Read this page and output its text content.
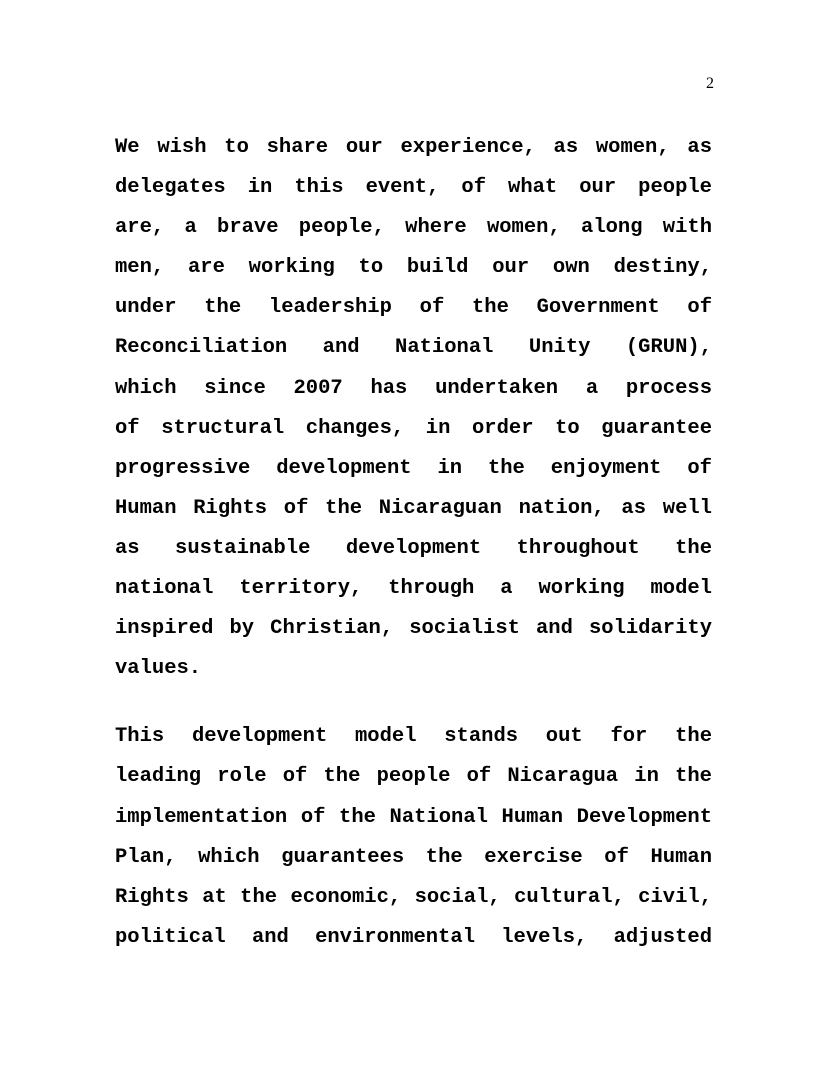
2
We wish to share our experience, as women, as
delegates in this event, of what our people
are, a brave people, where women, along with
men, are working to build our own destiny,
under the leadership of the Government of
Reconciliation and National Unity (GRUN),
which since 2007 has undertaken a process
of structural changes, in order to guarantee
progressive development in the enjoyment of
Human Rights of the Nicaraguan nation, as well
as sustainable development throughout the
national territory, through a working model
inspired by Christian, socialist and solidarity
values.
This development model stands out for the
leading role of the people of Nicaragua in the
implementation of the National Human Development
Plan, which guarantees the exercise of Human
Rights at the economic, social, cultural, civil,
political and environmental levels, adjusted
